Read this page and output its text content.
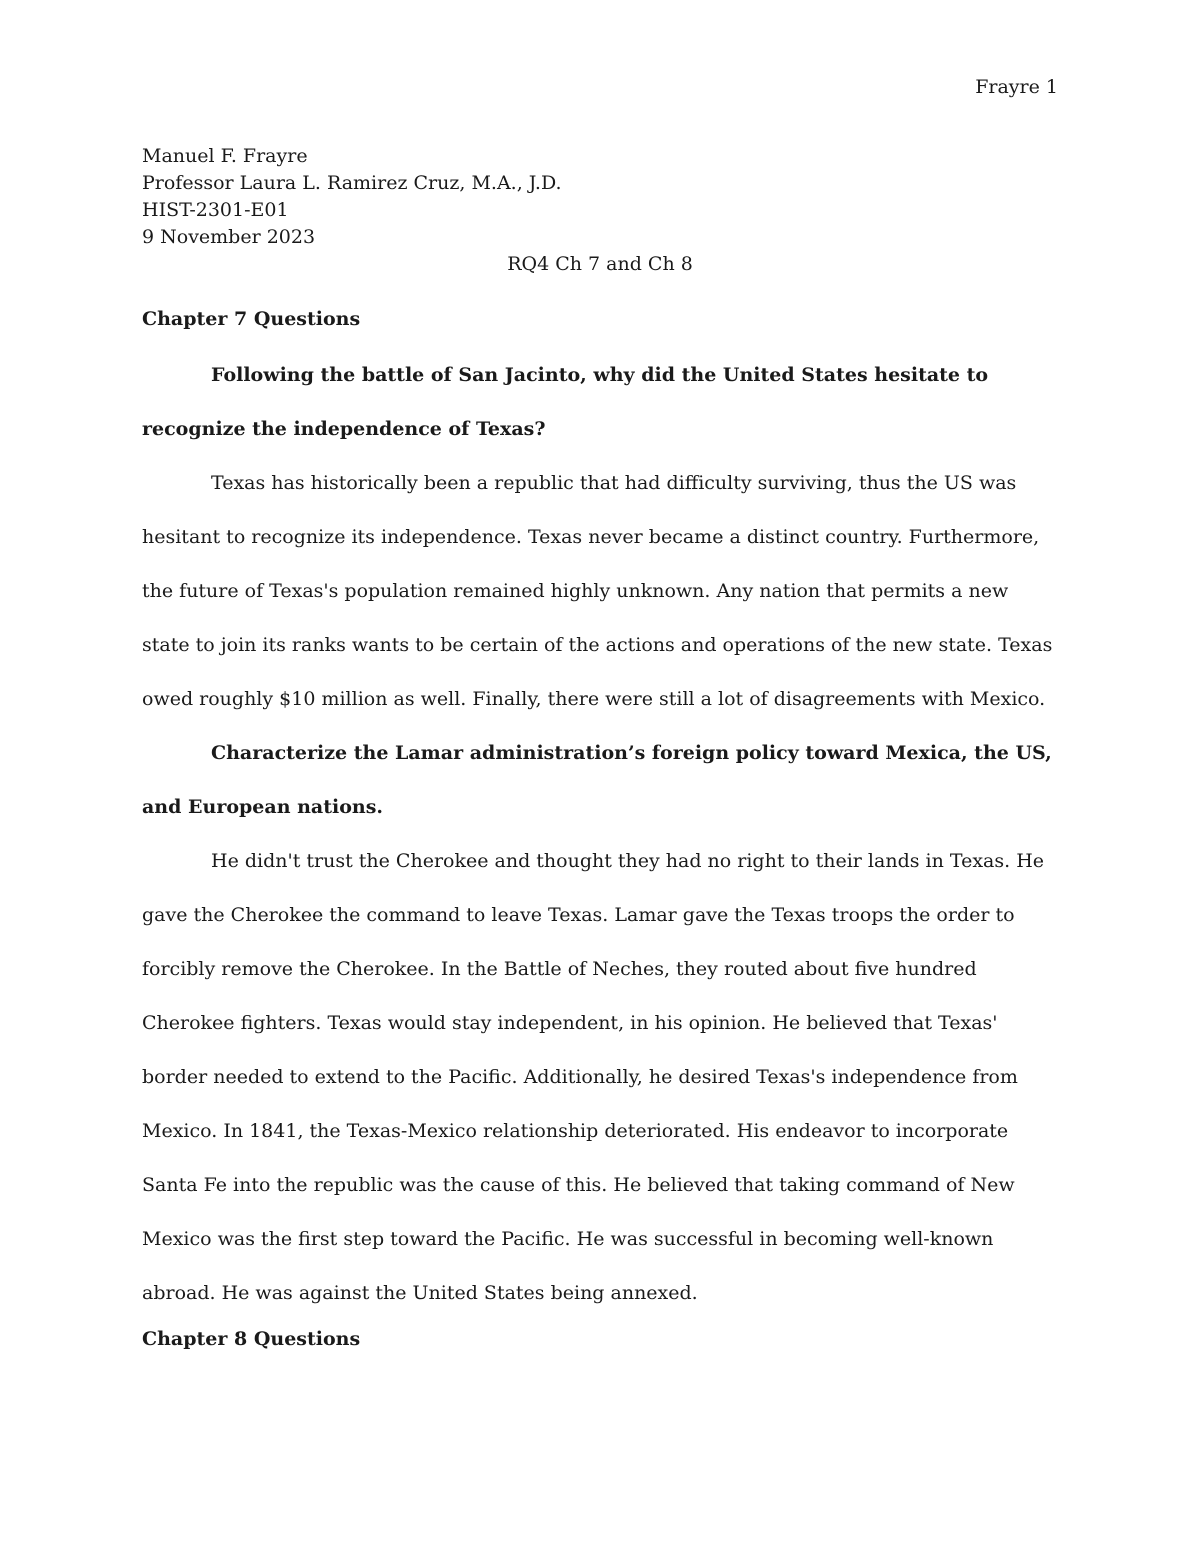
Frayre 1
Manuel F. Frayre
Professor Laura L. Ramirez Cruz, M.A., J.D.
HIST-2301-E01
9 November 2023
RQ4 Ch 7 and Ch 8

Chapter 7 Questions

Following the battle of San Jacinto, why did the United States hesitate to recognize the independence of Texas?

Texas has historically been a republic that had difficulty surviving, thus the US was hesitant to recognize its independence. Texas never became a distinct country. Furthermore, the future of Texas's population remained highly unknown. Any nation that permits a new state to join its ranks wants to be certain of the actions and operations of the new state. Texas owed roughly $10 million as well. Finally, there were still a lot of disagreements with Mexico.

Characterize the Lamar administration’s foreign policy toward Mexica, the US, and European nations.

He didn't trust the Cherokee and thought they had no right to their lands in Texas. He gave the Cherokee the command to leave Texas. Lamar gave the Texas troops the order to forcibly remove the Cherokee. In the Battle of Neches, they routed about five hundred Cherokee fighters. Texas would stay independent, in his opinion. He believed that Texas' border needed to extend to the Pacific. Additionally, he desired Texas's independence from Mexico. In 1841, the Texas-Mexico relationship deteriorated. His endeavor to incorporate Santa Fe into the republic was the cause of this. He believed that taking command of New Mexico was the first step toward the Pacific. He was successful in becoming well-known abroad. He was against the United States being annexed.

Chapter 8 Questions
